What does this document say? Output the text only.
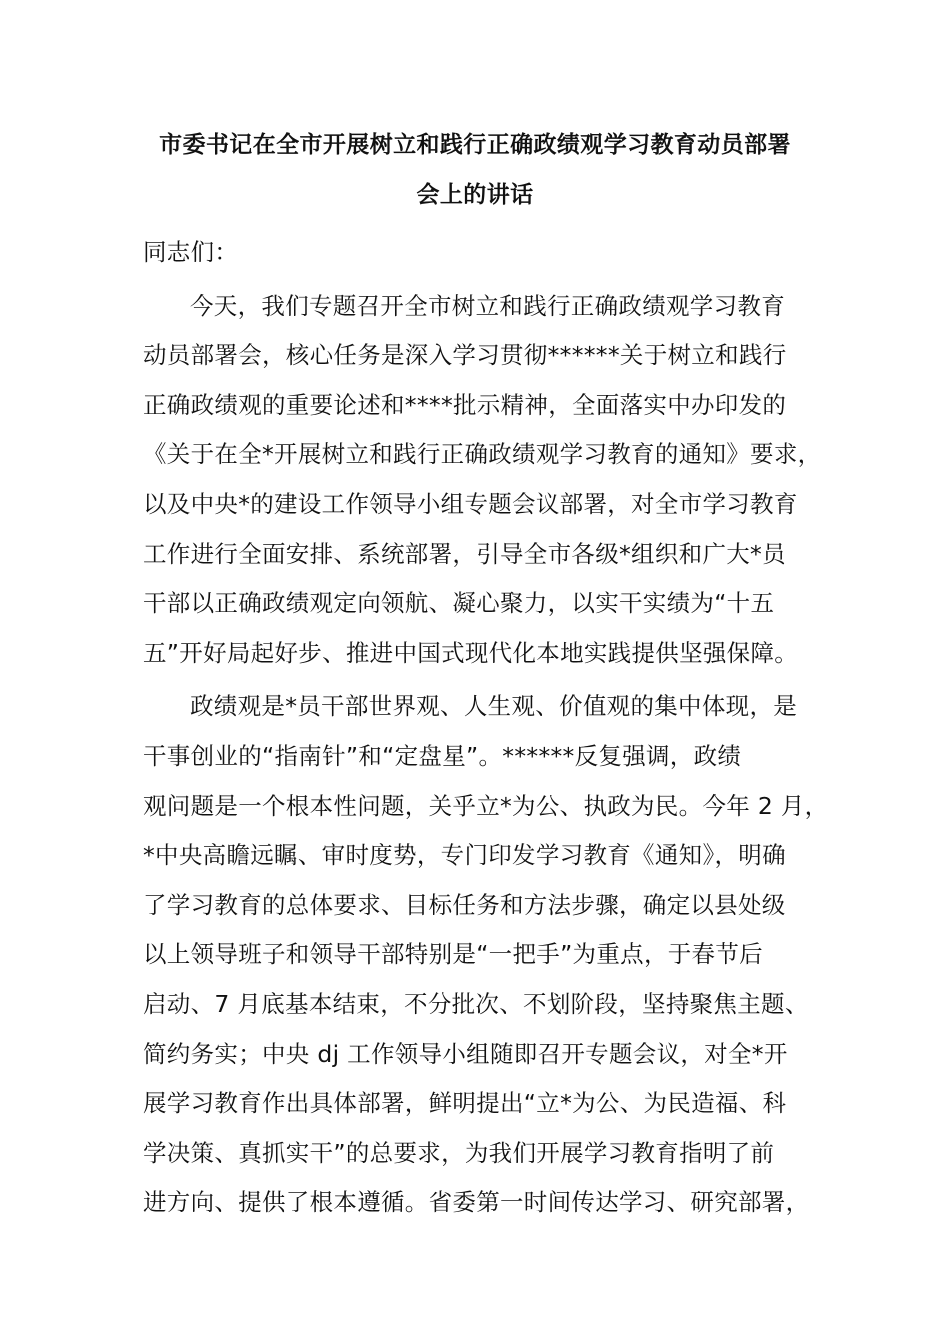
市委书记在全市开展树立和践行正确政绩观学习教育动员部署
会上的讲话
同志们：
今天，我们专题召开全市树立和践行正确政绩观学习教育
动员部署会，核心任务是深入学习贯彻******关于树立和践行
正确政绩观的重要论述和****批示精神，全面落实中办印发的
《关于在全*开展树立和践行正确政绩观学习教育的通知》要求，
以及中央*的建设工作领导小组专题会议部署，对全市学习教育
工作进行全面安排、系统部署，引导全市各级*组织和广大*员
干部以正确政绩观定向领航、凝心聚力，以实干实绩为“十五
五”开好局起好步、推进中国式现代化本地实践提供坚强保障。
政绩观是*员干部世界观、人生观、价值观的集中体现，是
干事创业的“指南针”和“定盘星”。******反复强调，政绩
观问题是一个根本性问题，关乎立*为公、执政为民。今年 2 月，
*中央高瞻远瞩、审时度势，专门印发学习教育《通知》，明确
了学习教育的总体要求、目标任务和方法步骤，确定以县处级
以上领导班子和领导干部特别是“一把手”为重点，于春节后
启动、7 月底基本结束，不分批次、不划阶段，坚持聚焦主题、
简约务实；中央 dj 工作领导小组随即召开专题会议，对全*开
展学习教育作出具体部署，鲜明提出“立*为公、为民造福、科
学决策、真抓实干”的总要求，为我们开展学习教育指明了前
进方向、提供了根本遵循。省委第一时间传达学习、研究部署，
